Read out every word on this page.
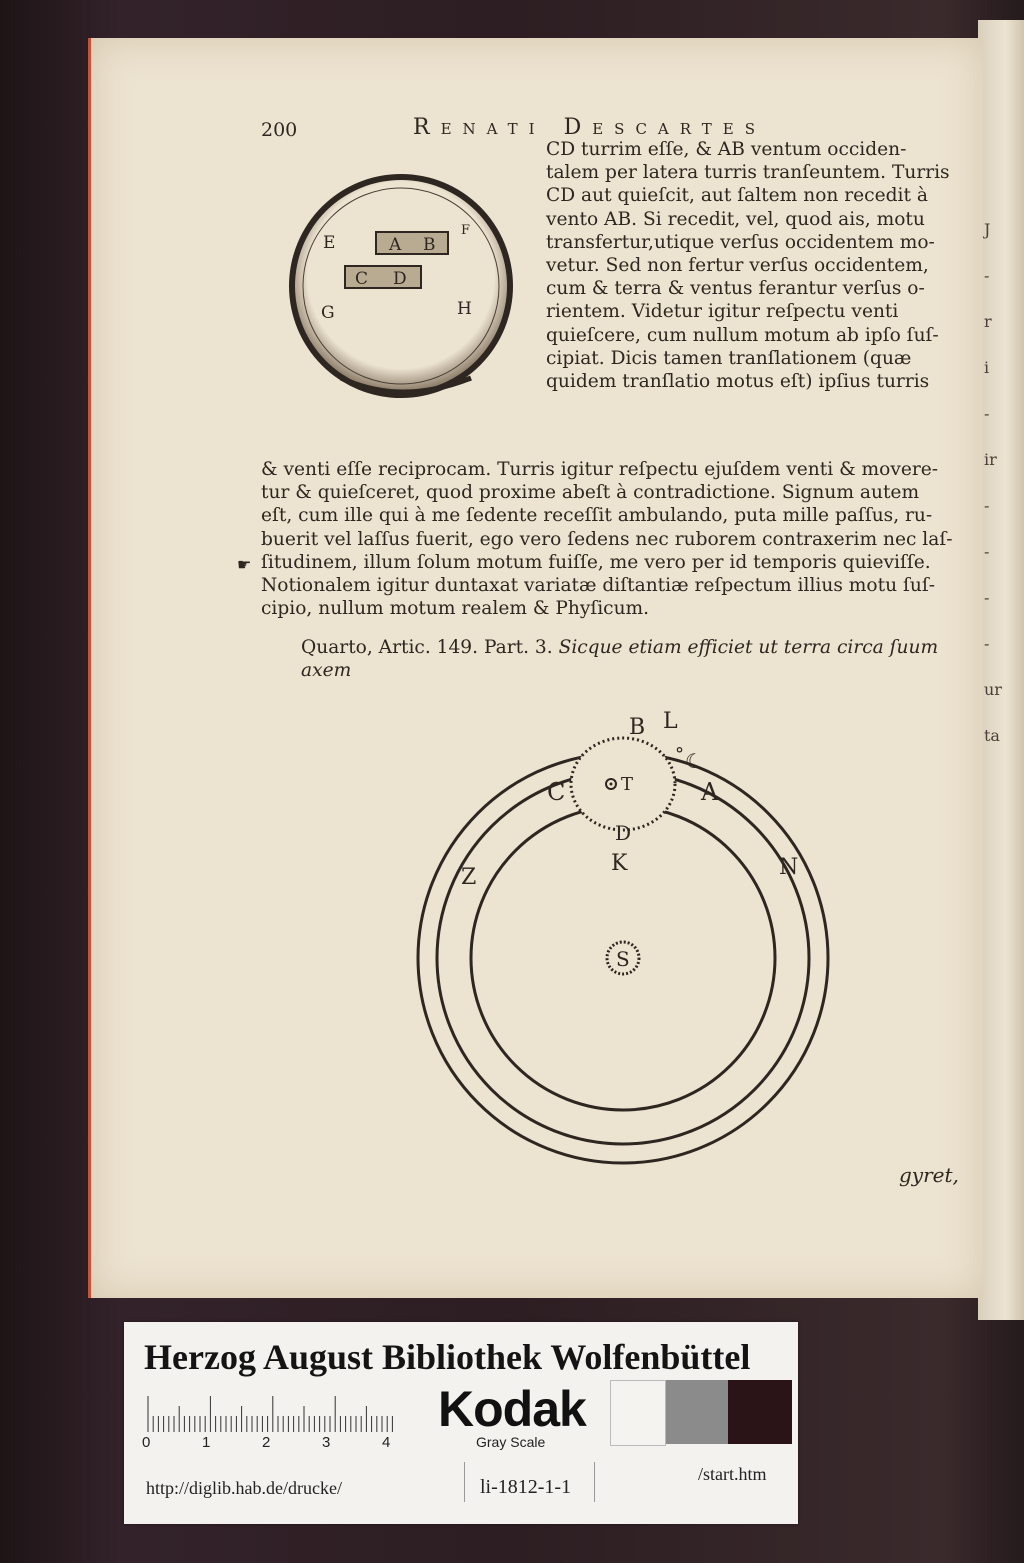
J
-
r
i
-
ir
-
-
-
-
ur
ta
200	Renati Descartes
E
F
G	H
A B
C D
CD turrim eſſe, & AB ventum occiden-
talem per latera turris tranſeuntem. Turris
CD aut quieſcit, aut ſaltem non recedit à
vento AB. Si recedit, vel, quod ais, motu
transfertur,utique verſus occidentem mo-
vetur. Sed non fertur verſus occidentem,
cum & terra & ventus ferantur verſus o-
rientem. Videtur igitur reſpectu venti
quieſcere, cum nullum motum ab ipſo ſuſ-
cipiat. Dicis tamen tranſlationem (quæ
quidem tranſlatio motus eſt) ipſius turris
& venti eſſe reciprocam. Turris igitur reſpectu ejuſdem venti & movere-
tur & quieſceret, quod proxime abeſt à contradictione. Signum autem
eſt, cum ille qui à me ſedente receſſit ambulando, puta mille paſſus, ru-
buerit vel laſſus fuerit, ego vero ſedens nec ruborem contraxerim nec laſ-
ſitudinem, illum ſolum motum fuiſſe, me vero per id temporis quieviſſe.
Notionalem igitur duntaxat variatæ diſtantiæ reſpectum illius motu ſuſ-
cipio, nullum motum realem & Phyſicum.
Quarto, Artic. 149. Part. 3. Sicque etiam efficiet ut terra circa ſuum axem
☛
B L
° ☾
T
C	A
D
K
Z	N
S
gyret,
Herzog August Bibliothek Wolfenbüttel
0	1	2	3	4
Kodak
Gray Scale
http://diglib.hab.de/drucke/	li-1812-1-1
/start.htm
